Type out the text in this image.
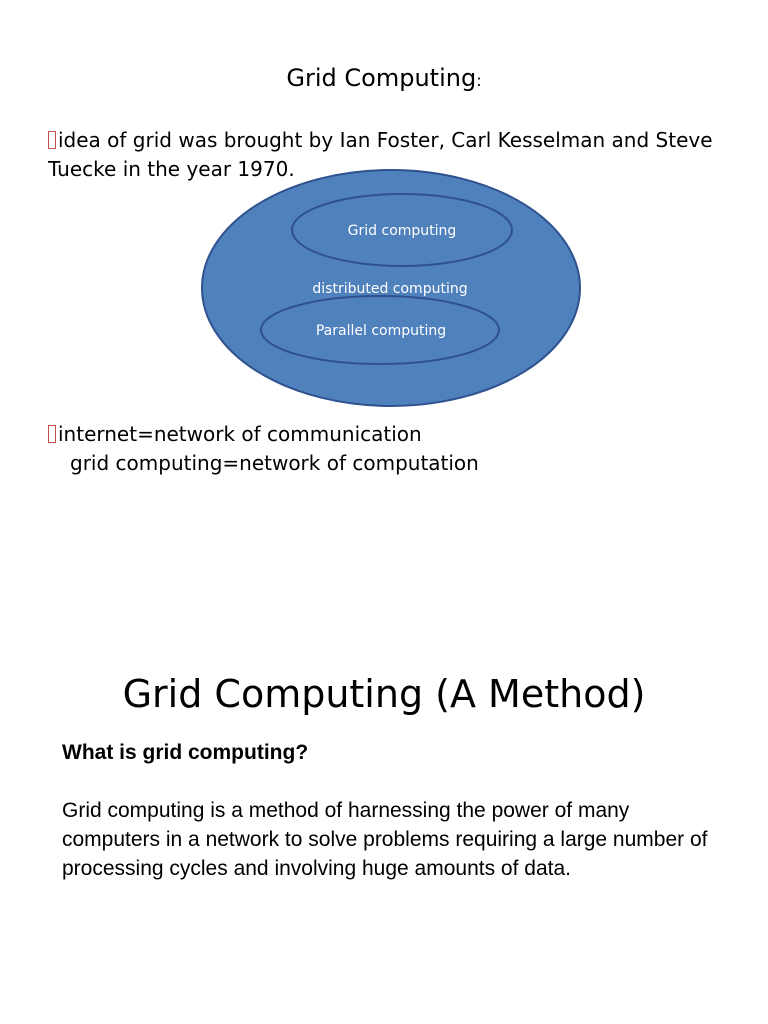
Grid Computing:

idea of grid was brought by Ian Foster, Carl Kesselman and Steve Tuecke in the year 1970.

Grid computing
distributed computing
Parallel computing

internet=network of communication
grid computing=network of computation

Grid Computing (A Method)

What is grid computing?

Grid computing is a method of harnessing the power of many computers in a network to solve problems requiring a large number of processing cycles and involving huge amounts of data.
